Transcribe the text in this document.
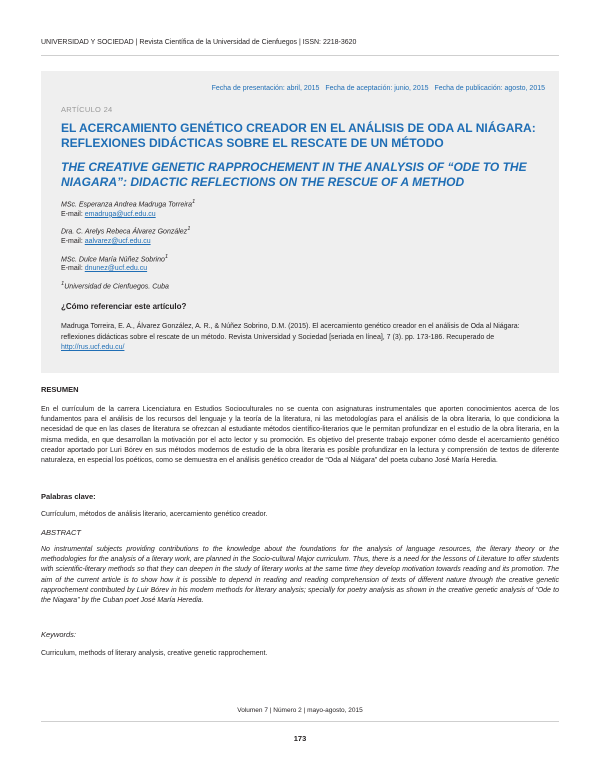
UNIVERSIDAD Y SOCIEDAD | Revista Científica de la Universidad de Cienfuegos | ISSN: 2218-3620
Fecha de presentación: abril, 2015 Fecha de aceptación: junio, 2015 Fecha de publicación: agosto, 2015
ARTÍCULO 24
EL ACERCAMIENTO GENÉTICO CREADOR EN EL ANÁLISIS DE ODA AL NIÁGARA:
REFLEXIONES DIDÁCTICAS SOBRE EL RESCATE DE UN MÉTODO
THE CREATIVE GENETIC RAPPROCHEMENT IN THE ANALYSIS OF “ODE TO THE
NIAGARA”: DIDACTIC REFLECTIONS ON THE RESCUE OF A METHOD
MSc. Esperanza Andrea Madruga Torreira$^1$
E-mail: emadruga@ucf.edu.cu
Dra. C. Arelys Rebeca Álvarez González$^1$
E-mail: aalvarez@ucf.edu.cu
MSc. Dulce María Núñez Sobrino$^1$
E-mail: dnunez@ucf.edu.cu
$^1$Universidad de Cienfuegos. Cuba
¿Cómo referenciar este artículo?
Madruga Torreira, E. A., Álvarez González, A. R., & Núñez Sobrino, D.M. (2015). El acercamiento genético creador en el análisis de Oda al Niágara: reflexiones didácticas sobre el rescate de un método. Revista Universidad y Sociedad [seriada en línea], 7 (3). pp. 173-186. Recuperado de http://rus.ucf.edu.cu/
RESUMEN
En el currículum de la carrera Licenciatura en Estudios Socioculturales no se cuenta con asignaturas instrumentales que aporten conocimientos acerca de los fundamentos para el análisis de los recursos del lenguaje y la teoría de la literatura, ni las metodologías para el análisis de la obra literaria, lo que condiciona la necesidad de que en las clases de literatura se ofrezcan al estudiante métodos científico-literarios que le permitan profundizar en el estudio de la obra literaria, en la misma medida, en que desarrollan la motivación por el acto lector y su promoción. Es objetivo del presente trabajo exponer cómo desde el acercamiento genético creador aportado por Luri Bórev en sus métodos modernos de estudio de la obra literaria es posible profundizar en la lectura y comprensión de textos de diferente naturaleza, en especial los poéticos, como se demuestra en el análisis genético creador de “Oda al Niágara” del poeta cubano José María Heredia.
Palabras clave:
Currículum, métodos de análisis literario, acercamiento genético creador.
ABSTRACT
No instrumental subjects providing contributions to the knowledge about the foundations for the analysis of language resources, the literary theory or the methodologies for the analysis of a literary work, are planned in the Socio-cultural Major curriculum. Thus, there is a need for the lessons of Literature to offer students with scientific-literary methods so that they can deepen in the study of literary works at the same time they develop motivation towards reading and its promotion. The aim of the current article is to show how it is possible to depend in reading and reading comprehension of texts of different nature through the creative genetic rapprochement contributed by Luir Bórev in his modern methods for literary analysis; specially for poetry analysis as shown in the creative genetic analysis of “Ode to the Niagara” by the Cuban poet José María Heredia.
Keywords:
Curriculum, methods of literary analysis, creative genetic rapprochement.
Volumen 7 | Número 2 | mayo-agosto, 2015
173
